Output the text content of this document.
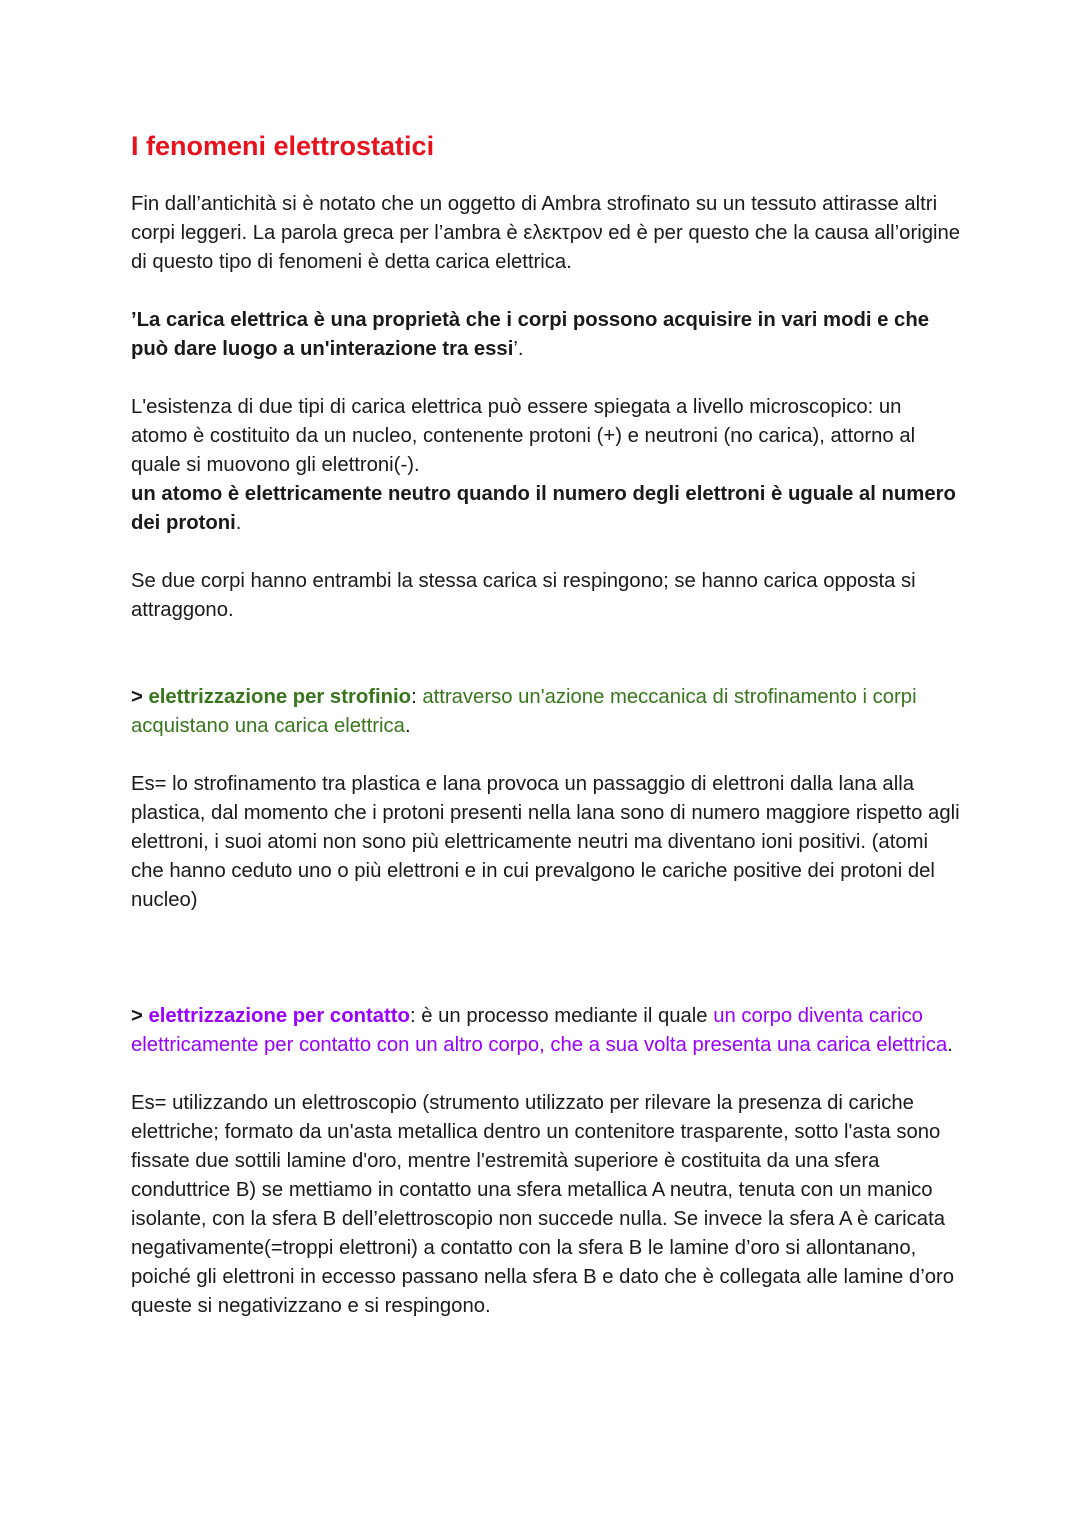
I fenomeni elettrostatici

Fin dall’antichità si è notato che un oggetto di Ambra strofinato su un tessuto attirasse altri corpi leggeri. La parola greca per l’ambra è ελεκτρον ed è per questo che la causa all’origine di questo tipo di fenomeni è detta carica elettrica.

’La carica elettrica è una proprietà che i corpi possono acquisire in vari modi e che può dare luogo a un'interazione tra essi’.

L'esistenza di due tipi di carica elettrica può essere spiegata a livello microscopico: un atomo è costituito da un nucleo, contenente protoni (+) e neutroni (no carica), attorno al quale si muovono gli elettroni(-).
un atomo è elettricamente neutro quando il numero degli elettroni è uguale al numero dei protoni.

Se due corpi hanno entrambi la stessa carica si respingono; se hanno carica opposta si attraggono.

> elettrizzazione per strofinio: attraverso un'azione meccanica di strofinamento i corpi acquistano una carica elettrica.

Es= lo strofinamento tra plastica e lana provoca un passaggio di elettroni dalla lana alla plastica, dal momento che i protoni presenti nella lana sono di numero maggiore rispetto agli elettroni, i suoi atomi non sono più elettricamente neutri ma diventano ioni positivi. (atomi che hanno ceduto uno o più elettroni e in cui prevalgono le cariche positive dei protoni del nucleo)

> elettrizzazione per contatto: è un processo mediante il quale un corpo diventa carico elettricamente per contatto con un altro corpo, che a sua volta presenta una carica elettrica.

Es= utilizzando un elettroscopio (strumento utilizzato per rilevare la presenza di cariche elettriche; formato da un'asta metallica dentro un contenitore trasparente, sotto l'asta sono fissate due sottili lamine d'oro, mentre l'estremità superiore è costituita da una sfera conduttrice B) se mettiamo in contatto una sfera metallica A neutra, tenuta con un manico isolante, con la sfera B dell’elettroscopio non succede nulla. Se invece la sfera A è caricata negativamente(=troppi elettroni) a contatto con la sfera B le lamine d’oro si allontanano, poiché gli elettroni in eccesso passano nella sfera B e dato che è collegata alle lamine d’oro queste si negativizzano e si respingono.
